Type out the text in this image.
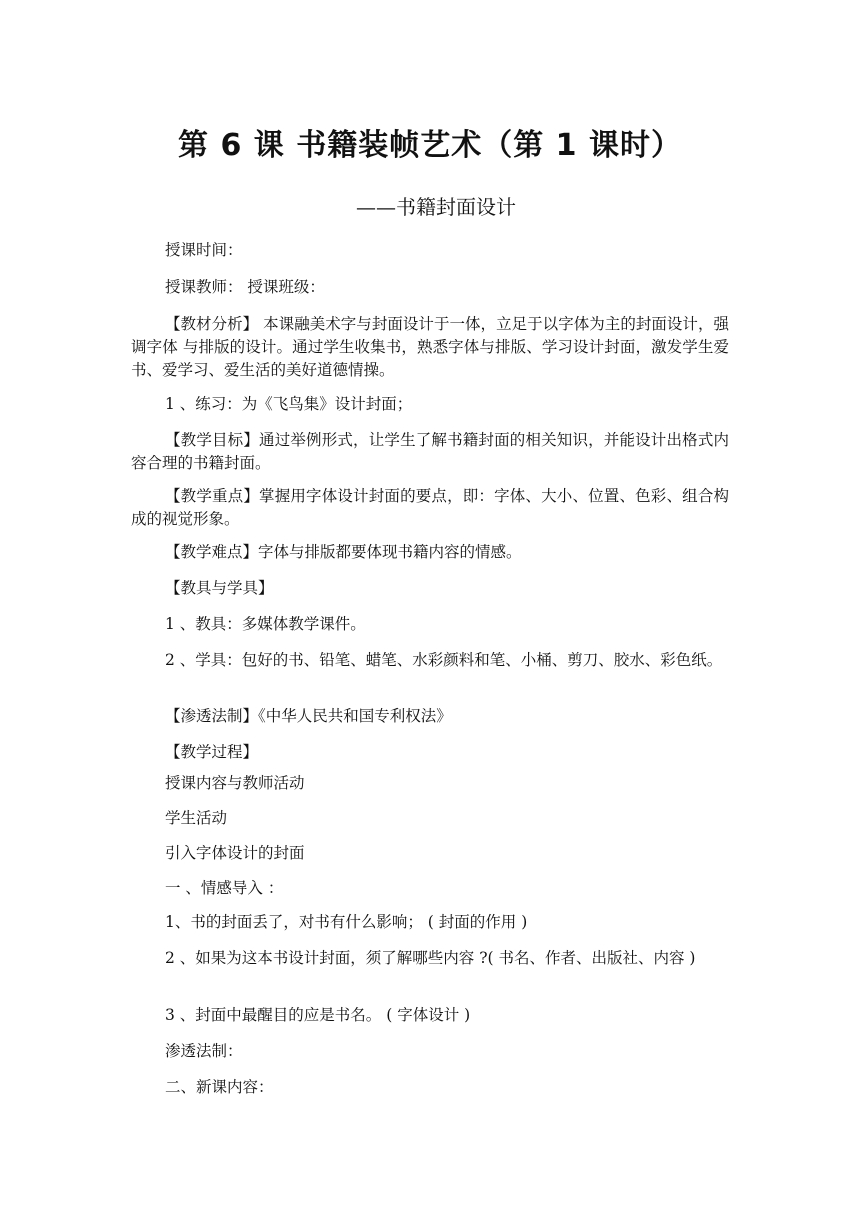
第 6 课 书籍装帧艺术（第 1 课时）
——书籍封面设计

授课时间：

授课教师： 授课班级：

【教材分析】 本课融美术字与封面设计于一体，立足于以字体为主的封面设计，强调字体 与排版的设计。通过学生收集书，熟悉字体与排版、学习设计封面，激发学生爱书、爱学习、爱生活的美好道德情操。

1 、练习：为《飞鸟集》设计封面；

【教学目标】通过举例形式，让学生了解书籍封面的相关知识，并能设计出格式内容合理的书籍封面。

【教学重点】掌握用字体设计封面的要点，即：字体、大小、位置、色彩、组合构成的视觉形象。

【教学难点】字体与排版都要体现书籍内容的情感。

【教具与学具】

1 、教具：多媒体教学课件。

2 、学具：包好的书、铅笔、蜡笔、水彩颜料和笔、小桶、剪刀、胶水、彩色纸。

【渗透法制】《中华人民共和国专利权法》

【教学过程】

授课内容与教师活动

学生活动

引入字体设计的封面

一 、情感导入 ：

1、书的封面丢了，对书有什么影响； ( 封面的作用 )

2 、如果为这本书设计封面，须了解哪些内容 ?( 书名、作者、出版社、内容 )

3 、封面中最醒目的应是书名。 ( 字体设计 )

渗透法制：

二、新课内容：
